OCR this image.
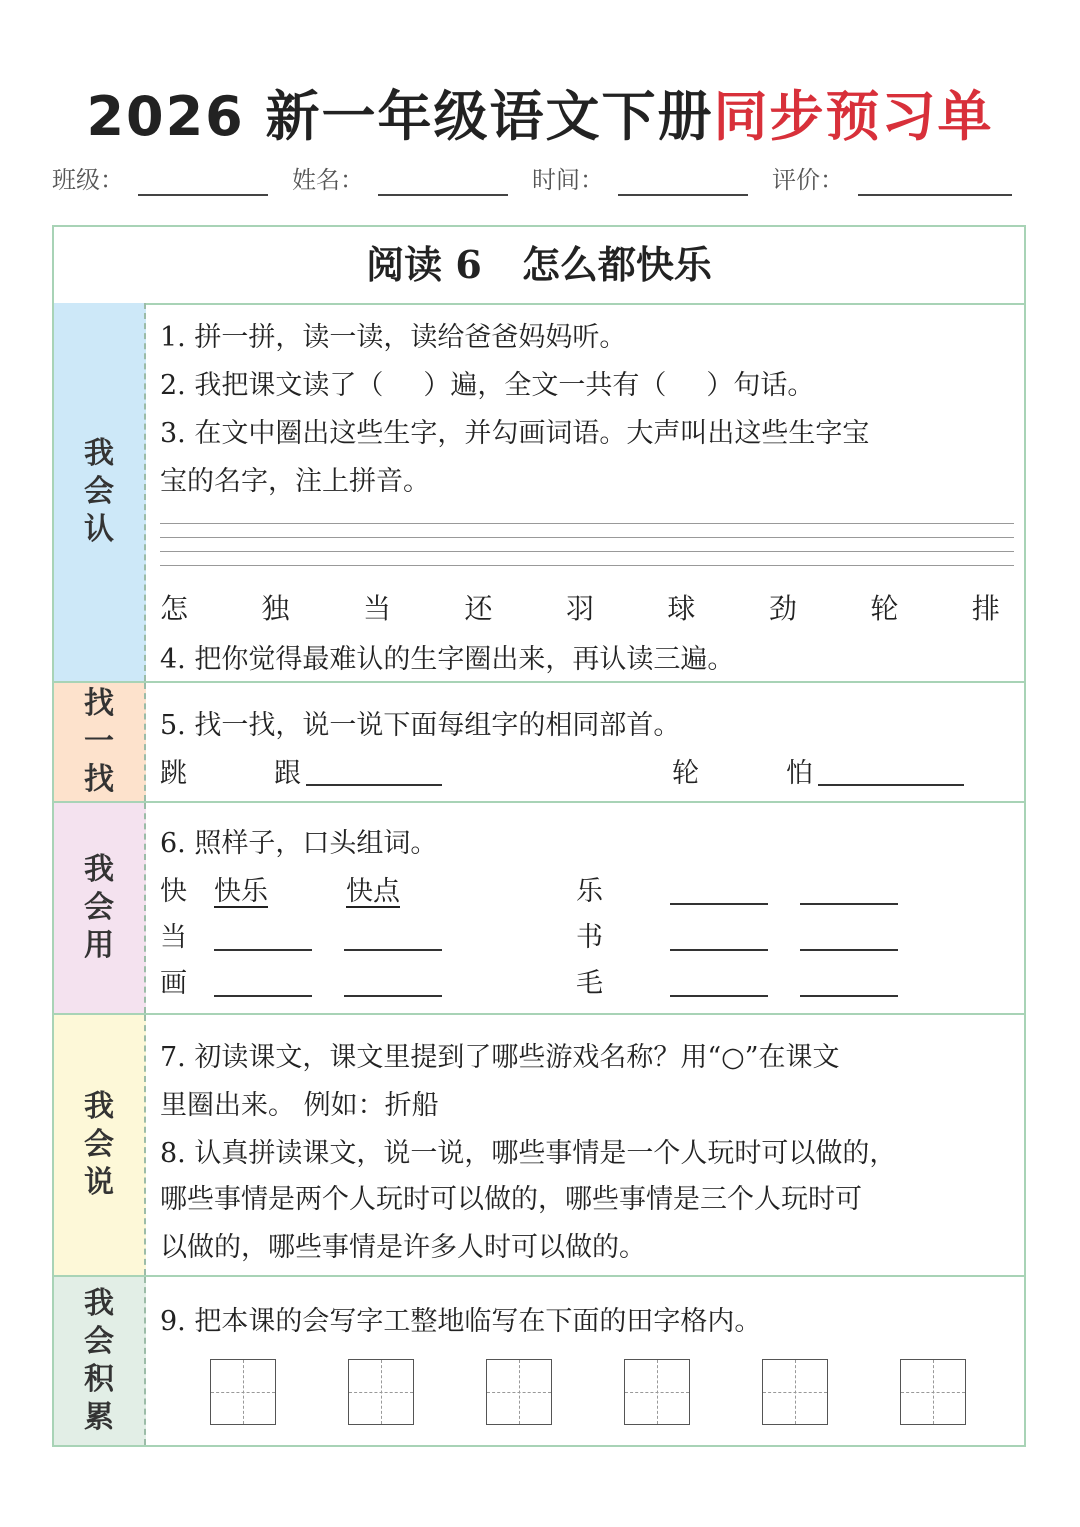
2026 新一年级语文下册同步预习单
班级：	姓名：	时间：	评价：
阅读 6 怎么都快乐
我
会
认
1. 拼一拼，读一读，读给爸爸妈妈听。
2. 我把课文读了（ ）遍，全文一共有（ ）句话。
3. 在文中圈出这些生字，并勾画词语。大声叫出这些生字宝
宝的名字，注上拼音。
怎	独	当	还	羽	球	劲	轮	排
4. 把你觉得最难认的生字圈出来，再认读三遍。
找
一
找
5. 找一找，说一说下面每组字的相同部首。
跳	跟	轮	怕
我
会
用
6. 照样子，口头组词。
快 快乐	快点	乐
当	书
画	毛
我
会
说
7. 初读课文，课文里提到了哪些游戏名称？用“○”在课文
里圈出来。 例如：折船
8. 认真拼读课文，说一说，哪些事情是一个人玩时可以做的，
哪些事情是两个人玩时可以做的，哪些事情是三个人玩时可
以做的，哪些事情是许多人时可以做的。
我
会
积
累
9. 把本课的会写字工整地临写在下面的田字格内。
